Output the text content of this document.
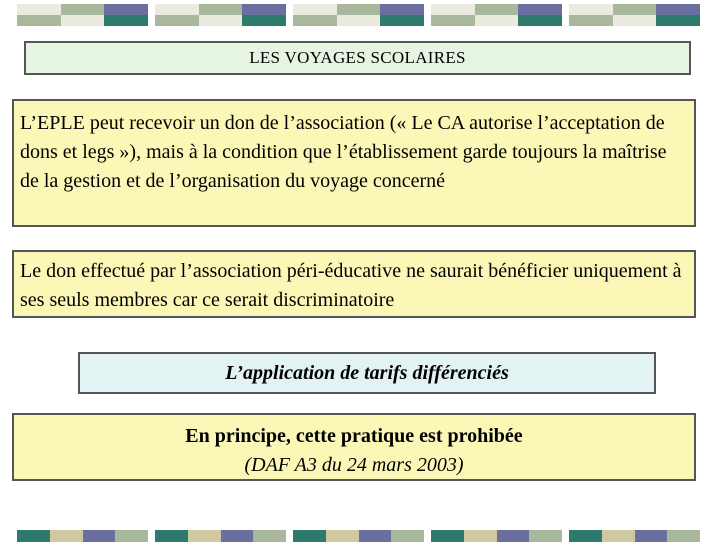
LES VOYAGES SCOLAIRES
L’EPLE peut recevoir un don de l’association (« Le CA autorise l’acceptation de dons et legs »), mais à la condition que l’établissement garde toujours la maîtrise de la gestion et de l’organisation du voyage concerné
Le don effectué par l’association péri-éducative ne saurait bénéficier uniquement à ses seuls membres car ce serait discriminatoire
L’application de tarifs différenciés
En principe, cette pratique est prohibée
(DAF A3 du 24 mars 2003)
